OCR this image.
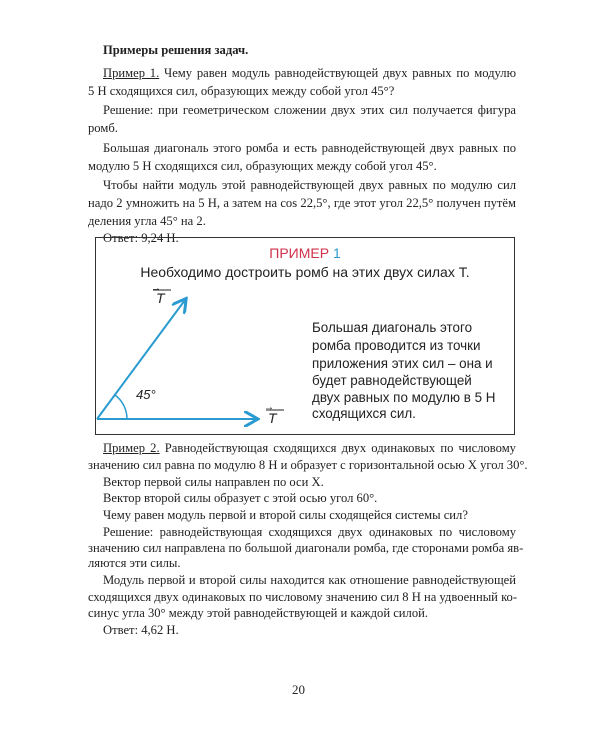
Примеры решения задач.
Пример 1. Чему равен модуль равнодействующей двух равных по модулю
5 Н сходящихся сил, образующих между собой угол 45°?
Решение: при геометрическом сложении двух этих сил получается фигура
ромб.
Большая диагональ этого ромба и есть равнодействующей двух равных по
модулю 5 Н сходящихся сил, образующих между собой угол 45°.
Чтобы найти модуль этой равнодействующей двух равных по модулю сил
надо 2 умножить на 5 Н, а затем на cos 22,5°, где этот угол 22,5° получен путём
деления угла 45° на 2.
Ответ: 9,24 Н.
ПРИМЕР 1
Необходимо достроить ромб на этих двух силах Т.
T
→
T
→
45°
Большая диагональ этого
ромба проводится из точки
приложения этих сил – она и
будет равнодействующей
двух равных по модулю в 5 Н
сходящихся сил.
Пример 2. Равнодействующая сходящихся двух одинаковых по числовому
значению сил равна по модулю 8 Н и образует с горизонтальной осью Х угол 30°.
Вектор первой силы направлен по оси Х.
Вектор второй силы образует с этой осью угол 60°.
Чему равен модуль первой и второй силы сходящейся системы сил?
Решение: равнодействующая сходящихся двух одинаковых по числовому
значению сил направлена по большой диагонали ромба, где сторонами ромба яв-
ляются эти силы.
Модуль первой и второй силы находится как отношение равнодействующей
сходящихся двух одинаковых по числовому значению сил 8 Н на удвоенный ко-
синус угла 30° между этой равнодействующей и каждой силой.
Ответ: 4,62 Н.
20
